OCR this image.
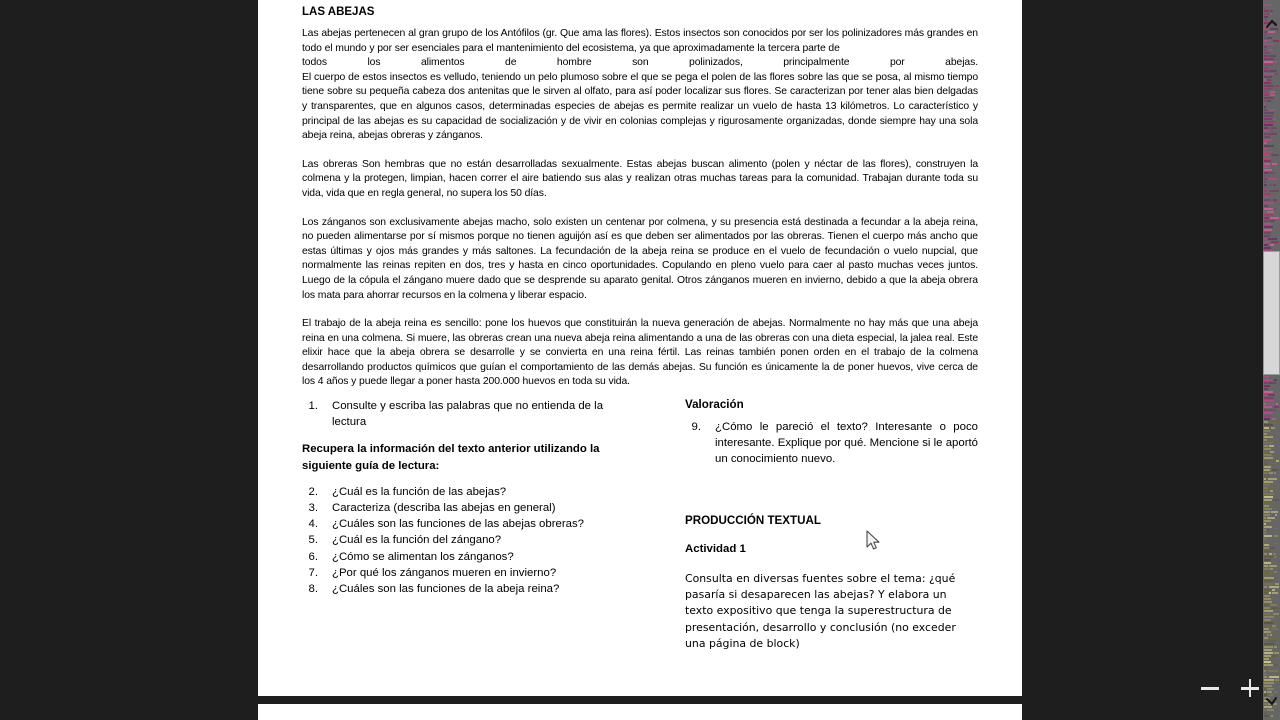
LAS ABEJAS

Las abejas pertenecen al gran grupo de los Antófilos (gr. Que ama las flores). Estos insectos son conocidos por ser los polinizadores más grandes en todo el mundo y por ser esenciales para el mantenimiento del ecosistema, ya que aproximadamente la tercera parte de

todos los alimentos de hombre son polinizados, principalmente por abejas.

El cuerpo de estos insectos es velludo, teniendo un pelo plumoso sobre el que se pega el polen de las flores sobre las que se posa, al mismo tiempo tiene sobre su pequeña cabeza dos antenitas que le sirven al olfato, para así poder localizar sus flores. Se caracterizan por tener alas bien delgadas y transparentes, que en algunos casos, determinadas especies de abejas es permite realizar un vuelo de hasta 13 kilómetros. Lo característico y principal de las abejas es su capacidad de socialización y de vivir en colonias complejas y rigurosamente organizadas, donde siempre hay una sola abeja reina, abejas obreras y zánganos.

Las obreras Son hembras que no están desarrolladas sexualmente. Estas abejas buscan alimento (polen y néctar de las flores), construyen la colmena y la protegen, limpian, hacen correr el aire batiendo sus alas y realizan otras muchas tareas para la comunidad. Trabajan durante toda su vida, vida que en regla general, no supera los 50 días.

Los zánganos son exclusivamente abejas macho, solo existen un centenar por colmena, y su presencia está destinada a fecundar a la abeja reina, no pueden alimentarse por sí mismos porque no tienen aguijón así es que deben ser alimentados por las obreras. Tienen el cuerpo más ancho que estas últimas y ojos más grandes y más saltones. La fecundación de la abeja reina se produce en el vuelo de fecundación o vuelo nupcial, que normalmente las reinas repiten en dos, tres y hasta en cinco oportunidades. Copulando en pleno vuelo para caer al pasto muchas veces juntos. Luego de la cópula el zángano muere dado que se desprende su aparato genital. Otros zánganos mueren en invierno, debido a que la abeja obrera los mata para ahorrar recursos en la colmena y liberar espacio.

El trabajo de la abeja reina es sencillo: pone los huevos que constituirán la nueva generación de abejas. Normalmente no hay más que una abeja reina en una colmena. Si muere, las obreras crean una nueva abeja reina alimentando a una de las obreras con una dieta especial, la jalea real. Este elixir hace que la abeja obrera se desarrolle y se convierta en una reina fértil. Las reinas también ponen orden en el trabajo de la colmena desarrollando productos químicos que guían el comportamiento de las demás abejas. Su función es únicamente la de poner huevos, vive cerca de los 4 años y puede llegar a poner hasta 200.000 huevos en toda su vida.

1.	Consulte y escriba las palabras que no entienda de la lectura
Recupera la información del texto anterior utilizando la siguiente guía de lectura:
2.	¿Cuál es la función de las abejas?
3.	Caracteriza (describa las abejas en general)
4.	¿Cuáles son las funciones de las abejas obreras?
5.	¿Cuál es la función del zángano?
6.	¿Cómo se alimentan los zánganos?
7.	¿Por qué los zánganos mueren en invierno?
8.	¿Cuáles son las funciones de la abeja reina?
Valoración
9.	¿Cómo le pareció el texto? Interesante o poco interesante. Explique por qué. Mencione si le aportó un conocimiento nuevo.
PRODUCCIÓN TEXTUAL
Actividad 1

Consulta en diversas fuentes sobre el tema: ¿qué pasaría si desaparecen las abejas? Y elabora un texto expositivo que tenga la superestructura de presentación, desarrollo y conclusión (no exceder una página de block)
